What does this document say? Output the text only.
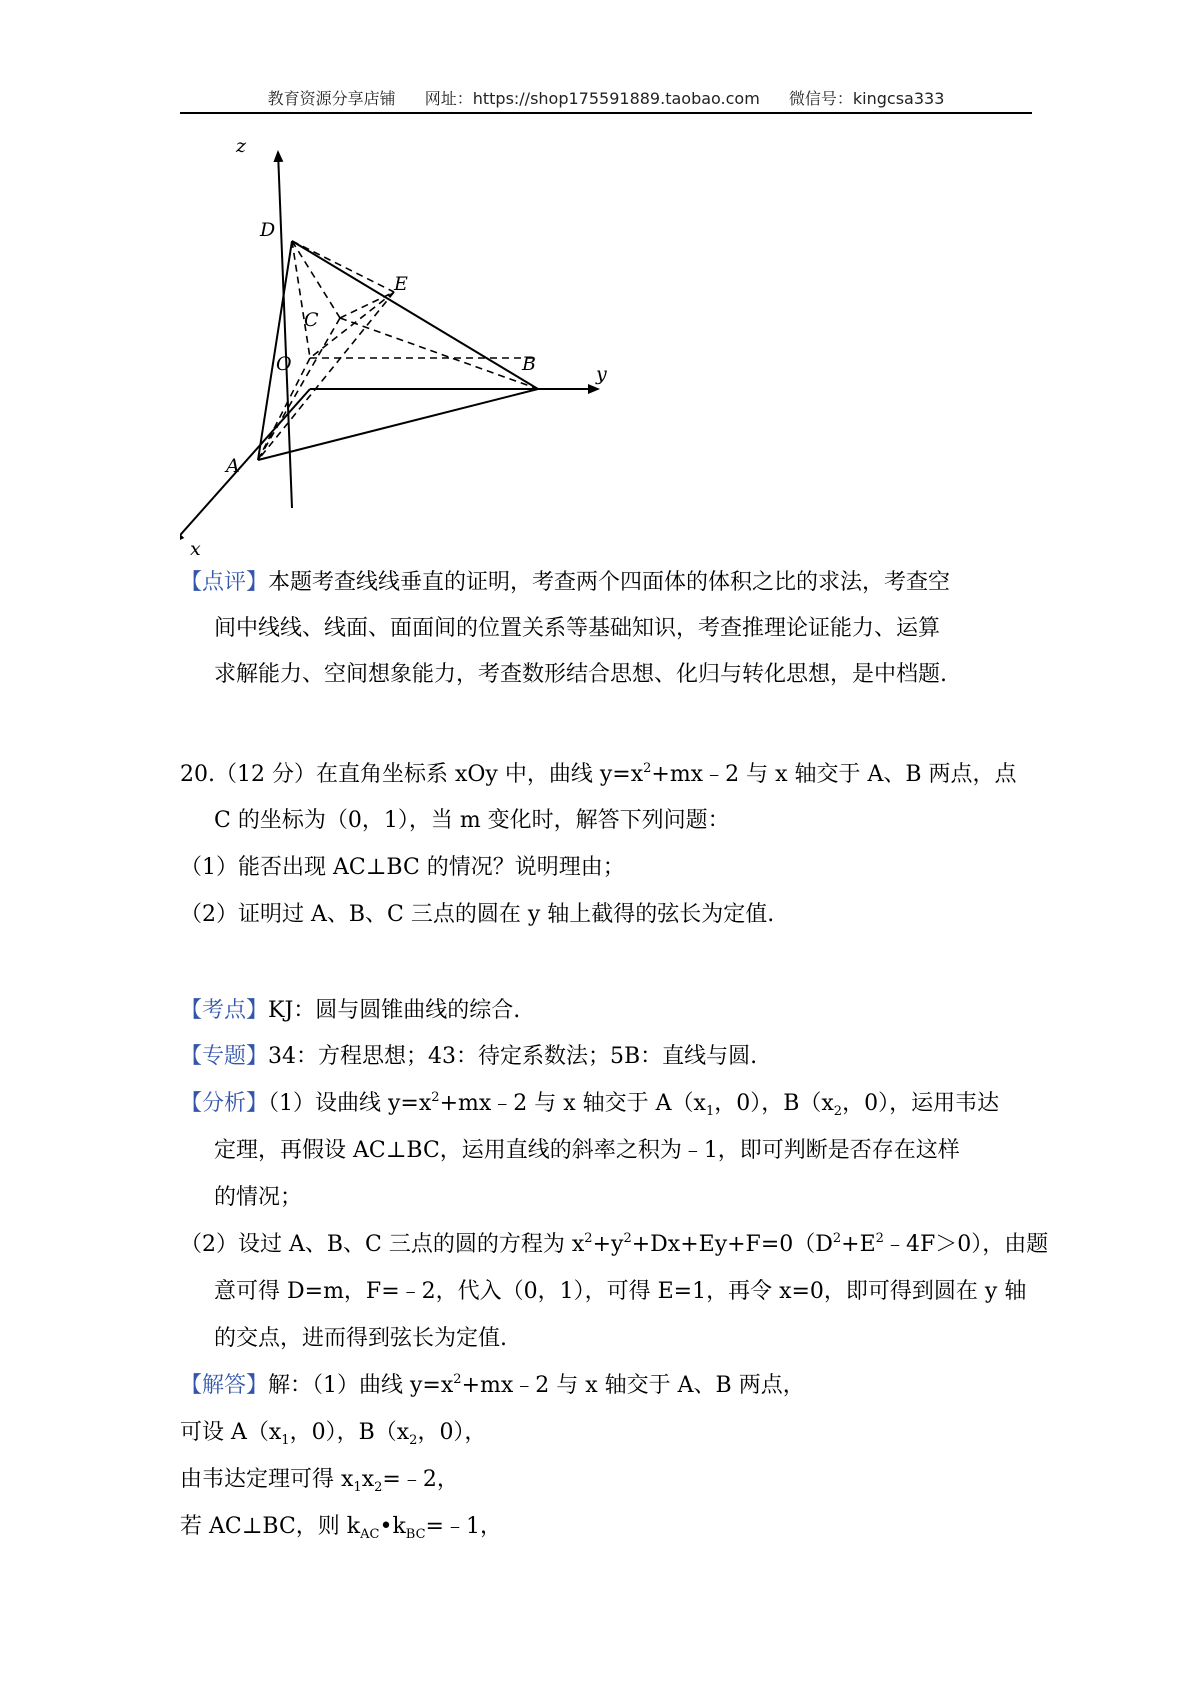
教育资源分享店铺 网址：https://shop175591889.taobao.com 微信号：kingcsa333
z
D
E
C
O	B	y
A
x
【点评】本题考查线线垂直的证明，考查两个四面体的体积之比的求法，考查空
间中线线、线面、面面间的位置关系等基础知识，考查推理论证能力、运算
求解能力、空间想象能力，考查数形结合思想、化归与转化思想，是中档题.
20.（12 分）在直角坐标系 xOy 中，曲线 $y=x^2+mx﹣2$ 与 x 轴交于 A、B 两点，点
C 的坐标为（0，1），当 m 变化时，解答下列问题：
（1）能否出现 AC⊥BC 的情况？说明理由；
（2）证明过 A、B、C 三点的圆在 y 轴上截得的弦长为定值.
【考点】KJ：圆与圆锥曲线的综合.
【专题】34：方程思想；43：待定系数法；5B：直线与圆.
【分析】（1）设曲线 $y=x^2+mx﹣2$ 与 x 轴交于 $A(x_1$，0），$B(x_2$，0），运用韦达
定理，再假设 AC⊥BC，运用直线的斜率之积为﹣1，即可判断是否存在这样
的情况；
（2）设过 A、B、C 三点的圆的方程为 $x^2+y^2+Dx+Ey+F=0(D^2+E^2﹣4F>0)$，由题
意可得 D=m，F=﹣2，代入（0，1），可得 E=1，再令 x=0，即可得到圆在 y 轴
的交点，进而得到弦长为定值.
【解答】解：（1）曲线 $y=x^2+mx﹣2$ 与 x 轴交于 A、B 两点，
可设 $A(x_1$，0），$B(x_2$，0），
由韦达定理可得 $x_1x_2=﹣2$，
若 AC⊥BC，则 $k_{AC}•k_{BC}=﹣1$，
